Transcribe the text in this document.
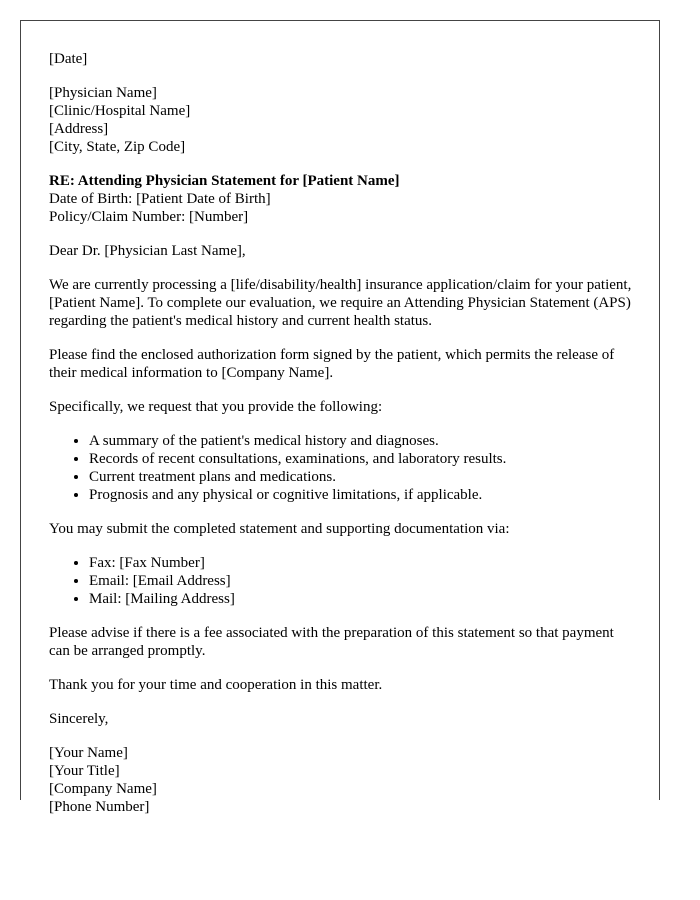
[Date]
[Physician Name]
[Clinic/Hospital Name]
[Address]
[City, State, Zip Code]
RE: Attending Physician Statement for [Patient Name]
Date of Birth: [Patient Date of Birth]
Policy/Claim Number: [Number]

Dear Dr. [Physician Last Name],

We are currently processing a [life/disability/health] insurance application/claim for your patient, [Patient Name]. To complete our evaluation, we require an Attending Physician Statement (APS) regarding the patient's medical history and current health status.

Please find the enclosed authorization form signed by the patient, which permits the release of their medical information to [Company Name].

Specifically, we request that you provide the following:

• A summary of the patient's medical history and diagnoses.
• Records of recent consultations, examinations, and laboratory results.
• Current treatment plans and medications.
• Prognosis and any physical or cognitive limitations, if applicable.

You may submit the completed statement and supporting documentation via:

• Fax: [Fax Number]
• Email: [Email Address]
• Mail: [Mailing Address]

Please advise if there is a fee associated with the preparation of this statement so that payment can be arranged promptly.

Thank you for your time and cooperation in this matter.

Sincerely,

[Your Name]
[Your Title]
[Company Name]
[Phone Number]
